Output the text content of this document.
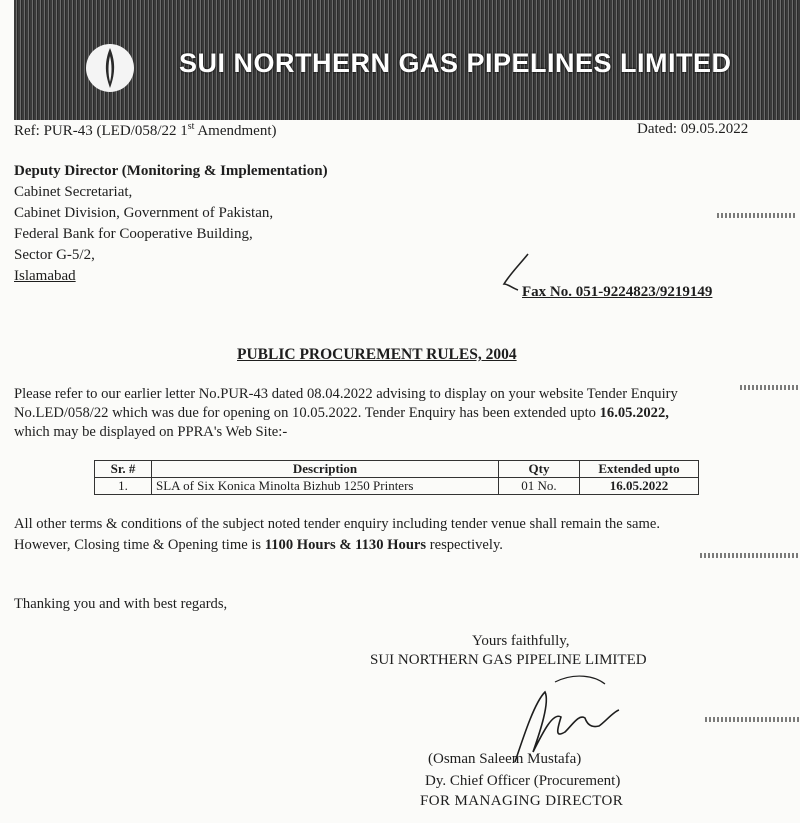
SUI NORTHERN GAS PIPELINES LIMITED
Ref: PUR-43 (LED/058/22 1st Amendment)	Dated: 09.05.2022
Deputy Director (Monitoring & Implementation)
Cabinet Secretariat,
Cabinet Division, Government of Pakistan,
Federal Bank for Cooperative Building,
Sector G-5/2,
Islamabad
Fax No. 051-9224823/9219149
PUBLIC PROCUREMENT RULES, 2004
Please refer to our earlier letter No.PUR-43 dated 08.04.2022 advising to display on your website Tender Enquiry
No.LED/058/22 which was due for opening on 10.05.2022. Tender Enquiry has been extended upto 16.05.2022,
which may be displayed on PPRA's Web Site:-
Sr. #	Description	Qty	Extended upto
1.	SLA of Six Konica Minolta Bizhub 1250 Printers	01 No.	16.05.2022
All other terms & conditions of the subject noted tender enquiry including tender venue shall remain the same.
However, Closing time & Opening time is 1100 Hours & 1130 Hours respectively.
Thanking you and with best regards,
Yours faithfully,
SUI NORTHERN GAS PIPELINE LIMITED
(Osman Saleem Mustafa)
Dy. Chief Officer (Procurement)
FOR MANAGING DIRECTOR
